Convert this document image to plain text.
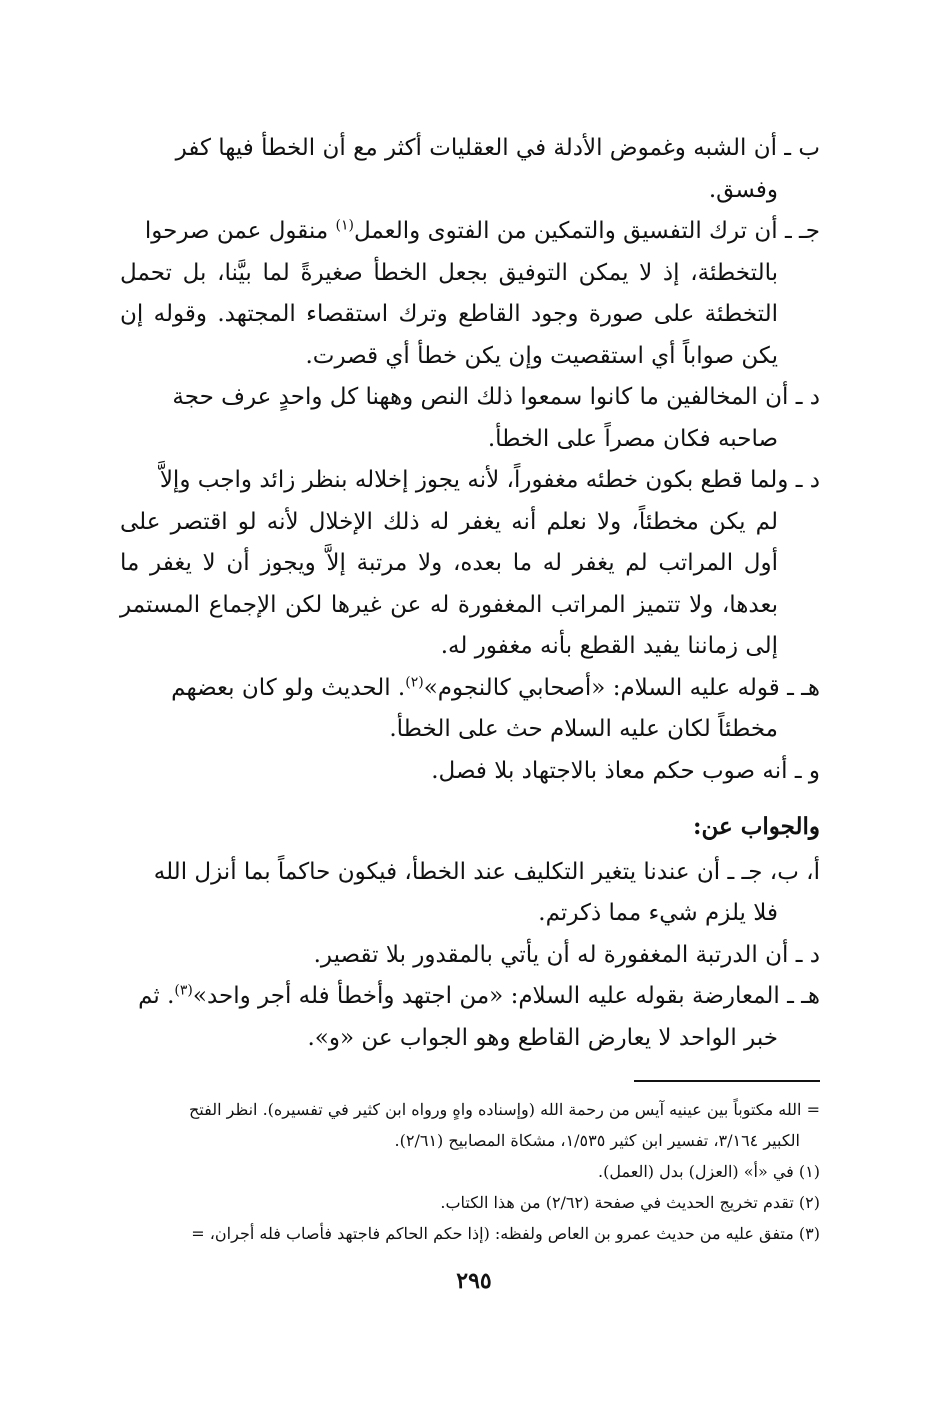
ب ـ أن الشبه وغموض الأدلة في العقليات أكثر مع أن الخطأ فيها كفر
وفسق.
جـ ـ أن ترك التفسيق والتمكين من الفتوى والعمل$^{(١)}$ منقول عمن صرحوا
بالتخطئة، إذ لا يمكن التوفيق بجعل الخطأ صغيرةً لما بيَّنا، بل تحمل التخطئة على صورة وجود القاطع وترك استقصاء المجتهد. وقوله إن يكن صواباً أي استقصيت وإن يكن خطأ أي قصرت.
د ـ أن المخالفين ما كانوا سمعوا ذلك النص وههنا كل واحدٍ عرف حجة
صاحبه فكان مصراً على الخطأ.
د ـ ولما قطع بكون خطئه مغفوراً، لأنه يجوز إخلاله بنظر زائد واجب وإلاَّ
لم يكن مخطئاً، ولا نعلم أنه يغفر له ذلك الإخلال لأنه لو اقتصر على أول المراتب لم يغفر له ما بعده، ولا مرتبة إلاَّ ويجوز أن لا يغفر ما بعدها، ولا تتميز المراتب المغفورة له عن غيرها لكن الإجماع المستمر إلى زماننا يفيد القطع بأنه مغفور له.
هـ ـ قوله عليه السلام: «أصحابي كالنجوم»$^{(٢)}$. الحديث ولو كان بعضهم
مخطئاً لكان عليه السلام حث على الخطأ.
و ـ أنه صوب حكم معاذ بالاجتهاد بلا فصل.
والجواب عن:
أ، ب، جـ ـ أن عندنا يتغير التكليف عند الخطأ، فيكون حاكماً بما أنزل الله
فلا يلزم شيء مما ذكرتم.
د ـ أن الدرتبة المغفورة له أن يأتي بالمقدور بلا تقصير.
هـ ـ المعارضة بقوله عليه السلام: «من اجتهد وأخطأ فله أجر واحد»$^{(٣)}$. ثم
خبر الواحد لا يعارض القاطع وهو الجواب عن «و».
= الله مكتوباً بين عينيه آيس من رحمة الله (وإسناده واهٍ ورواه ابن كثير في تفسيره). انظر الفتح
الكبير ٣/١٦٤، تفسير ابن كثير ١/٥٣٥، مشكاة المصابيح (٢/٦١).
(١) في «أ» (العزل) بدل (العمل).
(٢) تقدم تخريج الحديث في صفحة (٢/٦٢) من هذا الكتاب.
(٣) متفق عليه من حديث عمرو بن العاص ولفظه: (إذا حكم الحاكم فاجتهد فأصاب فله أجران، =
٢٩٥
